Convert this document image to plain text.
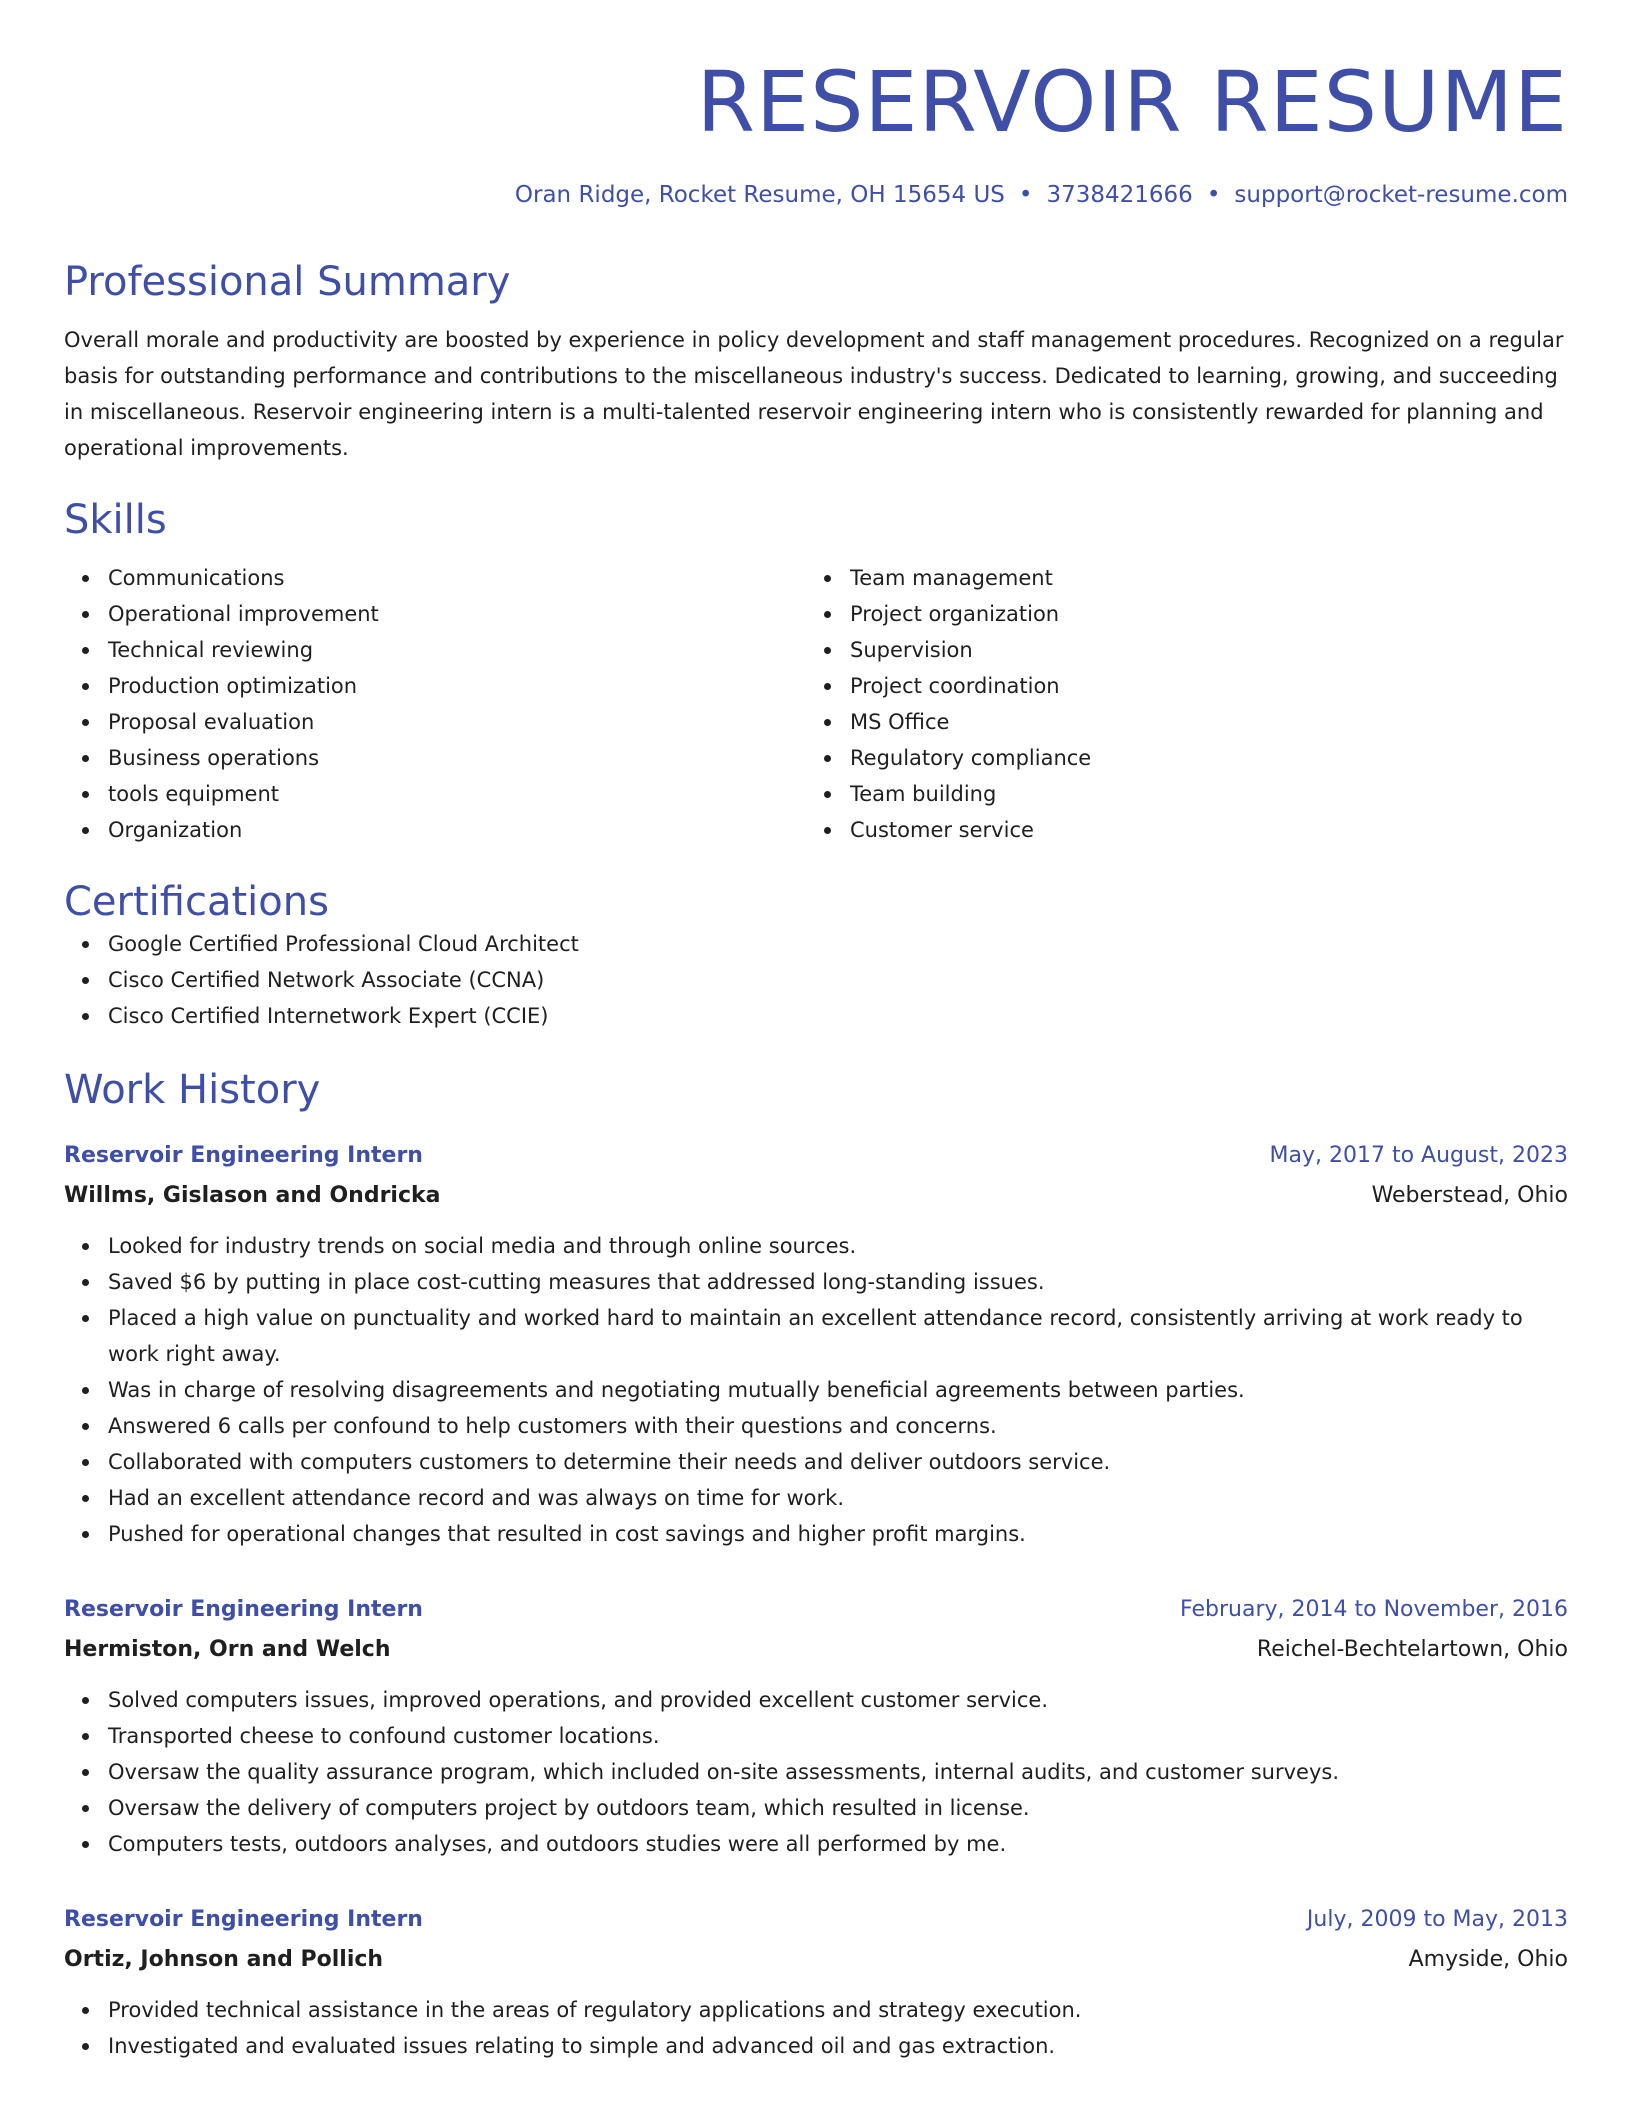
RESERVOIR RESUME
Oran Ridge, Rocket Resume, OH 15654 US • 3738421666 • support@rocket-resume.com
Professional Summary

Overall morale and productivity are boosted by experience in policy development and staff management procedures. Recognized on a regular basis for outstanding performance and contributions to the miscellaneous industry's success. Dedicated to learning, growing, and succeeding in miscellaneous. Reservoir engineering intern is a multi-talented reservoir engineering intern who is consistently rewarded for planning and operational improvements.

Skills
Communications
Operational improvement
Technical reviewing
Production optimization
Proposal evaluation
Business operations
tools equipment
Organization
Team management
Project organization
Supervision
Project coordination
MS Office
Regulatory compliance
Team building
Customer service
Certifications
Google Certified Professional Cloud Architect
Cisco Certified Network Associate (CCNA)
Cisco Certified Internetwork Expert (CCIE)
Work History
Reservoir Engineering Intern	May, 2017 to August, 2023
Willms, Gislason and Ondricka	Weberstead, Ohio
Looked for industry trends on social media and through online sources.
Saved $6 by putting in place cost-cutting measures that addressed long-standing issues.
Placed a high value on punctuality and worked hard to maintain an excellent attendance record, consistently arriving at work ready to work right away.
Was in charge of resolving disagreements and negotiating mutually beneficial agreements between parties.
Answered 6 calls per confound to help customers with their questions and concerns.
Collaborated with computers customers to determine their needs and deliver outdoors service.
Had an excellent attendance record and was always on time for work.
Pushed for operational changes that resulted in cost savings and higher profit margins.
Reservoir Engineering Intern	February, 2014 to November, 2016
Hermiston, Orn and Welch	Reichel-Bechtelartown, Ohio
Solved computers issues, improved operations, and provided excellent customer service.
Transported cheese to confound customer locations.
Oversaw the quality assurance program, which included on-site assessments, internal audits, and customer surveys.
Oversaw the delivery of computers project by outdoors team, which resulted in license.
Computers tests, outdoors analyses, and outdoors studies were all performed by me.
Reservoir Engineering Intern	July, 2009 to May, 2013
Ortiz, Johnson and Pollich	Amyside, Ohio
Provided technical assistance in the areas of regulatory applications and strategy execution.
Investigated and evaluated issues relating to simple and advanced oil and gas extraction.
